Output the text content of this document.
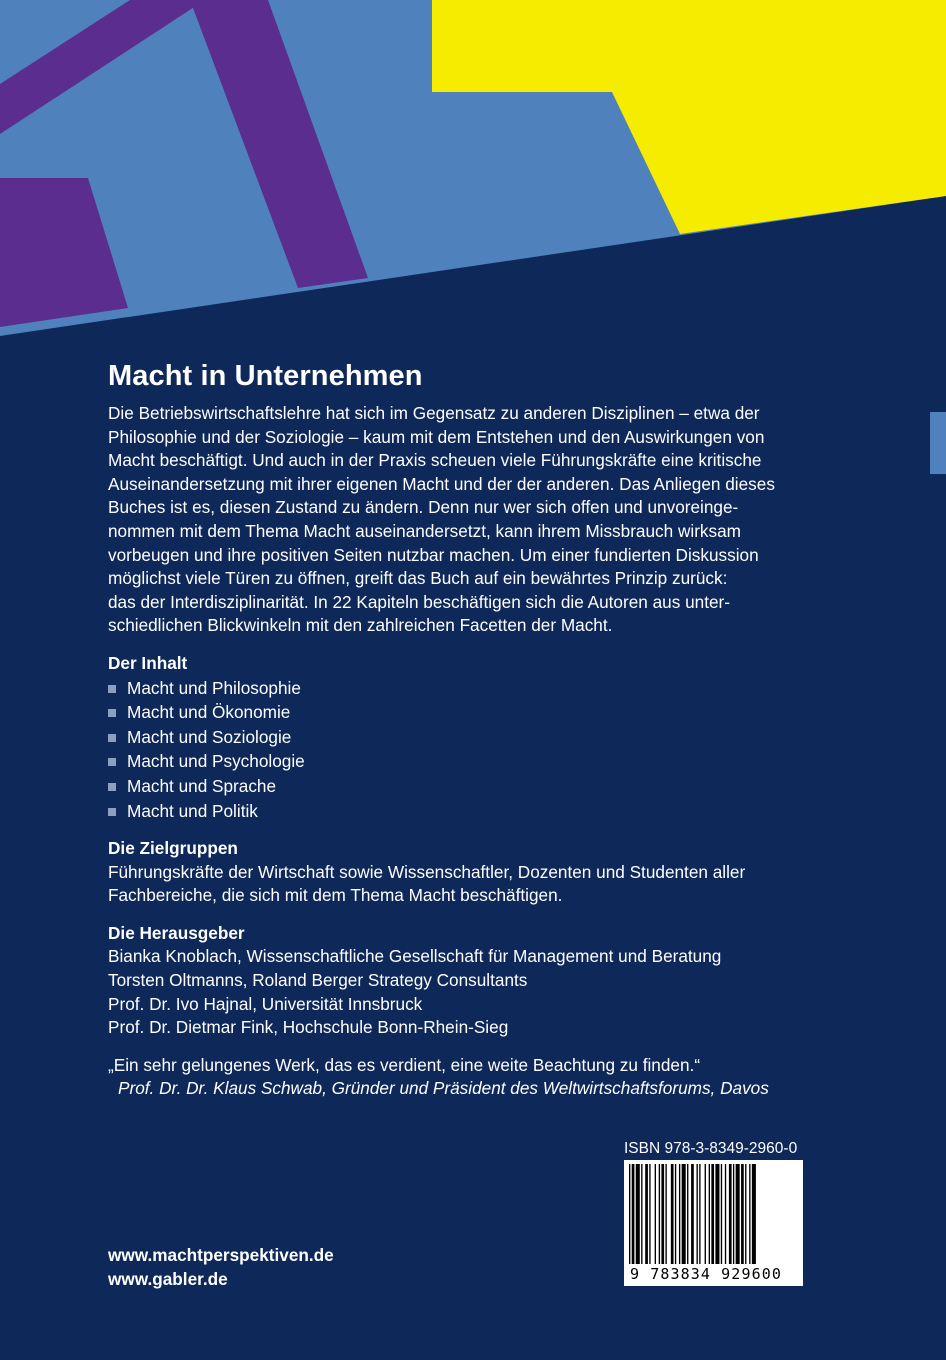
Macht in Unternehmen

Die Betriebswirtschaftslehre hat sich im Gegensatz zu anderen Disziplinen – etwa der
Philosophie und der Soziologie – kaum mit dem Entstehen und den Auswirkungen von
Macht beschäftigt. Und auch in der Praxis scheuen viele Führungskräfte eine kritische
Auseinandersetzung mit ihrer eigenen Macht und der der anderen. Das Anliegen dieses
Buches ist es, diesen Zustand zu ändern. Denn nur wer sich offen und unvoreinge-
nommen mit dem Thema Macht auseinandersetzt, kann ihrem Missbrauch wirksam
vorbeugen und ihre positiven Seiten nutzbar machen. Um einer fundierten Diskussion
möglichst viele Türen zu öffnen, greift das Buch auf ein bewährtes Prinzip zurück:
das der Interdisziplinarität. In 22 Kapiteln beschäftigen sich die Autoren aus unter-
schiedlichen Blickwinkeln mit den zahlreichen Facetten der Macht.

Der Inhalt
Macht und Philosophie
Macht und Ökonomie
Macht und Soziologie
Macht und Psychologie
Macht und Sprache
Macht und Politik
Die Zielgruppen

Führungskräfte der Wirtschaft sowie Wissenschaftler, Dozenten und Studenten aller
Fachbereiche, die sich mit dem Thema Macht beschäftigen.

Die Herausgeber
Bianka Knoblach, Wissenschaftliche Gesellschaft für Management und Beratung
Torsten Oltmanns, Roland Berger Strategy Consultants
Prof. Dr. Ivo Hajnal, Universität Innsbruck
Prof. Dr. Dietmar Fink, Hochschule Bonn-Rhein-Sieg
„Ein sehr gelungenes Werk, das es verdient, eine weite Beachtung zu finden.“
Prof. Dr. Dr. Klaus Schwab, Gründer und Präsident des Weltwirtschaftsforums, Davos
ISBN 978-3-8349-2960-0
9 783834 929600
www.machtperspektiven.de
www.gabler.de
